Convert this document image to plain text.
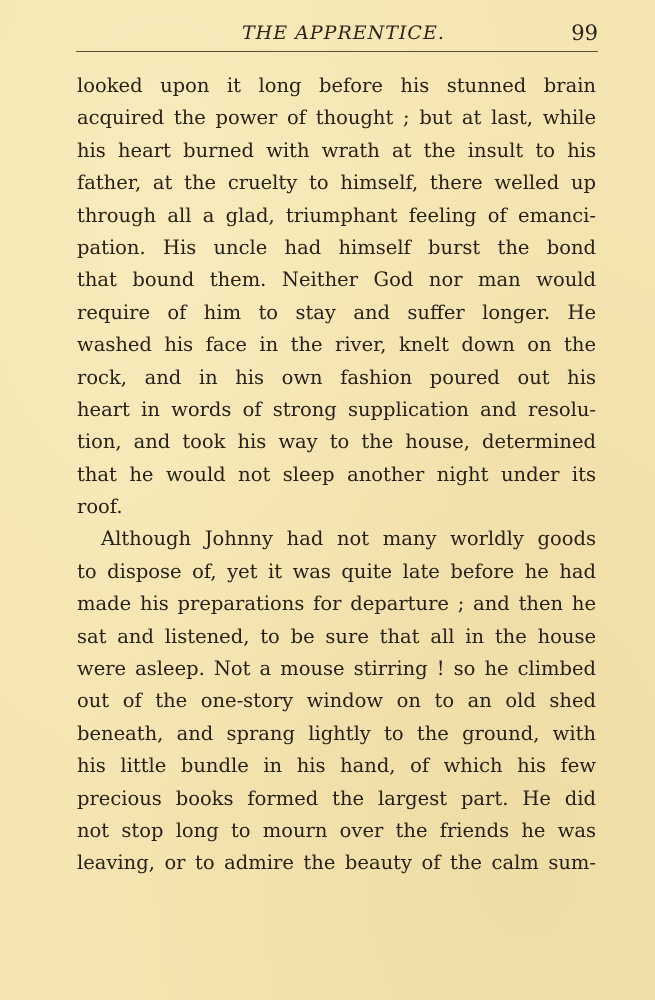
THE APPRENTICE.	99
looked upon it long before his stunned brain
acquired the power of thought ; but at last, while
his heart burned with wrath at the insult to his
father, at the cruelty to himself, there welled up
through all a glad, triumphant feeling of emanci-
pation. His uncle had himself burst the bond
that bound them. Neither God nor man would
require of him to stay and suffer longer. He
washed his face in the river, knelt down on the
rock, and in his own fashion poured out his
heart in words of strong supplication and resolu-
tion, and took his way to the house, determined
that he would not sleep another night under its
roof.
Although Johnny had not many worldly goods
to dispose of, yet it was quite late before he had
made his preparations for departure ; and then he
sat and listened, to be sure that all in the house
were asleep. Not a mouse stirring ! so he climbed
out of the one-story window on to an old shed
beneath, and sprang lightly to the ground, with
his little bundle in his hand, of which his few
precious books formed the largest part. He did
not stop long to mourn over the friends he was
leaving, or to admire the beauty of the calm sum-
